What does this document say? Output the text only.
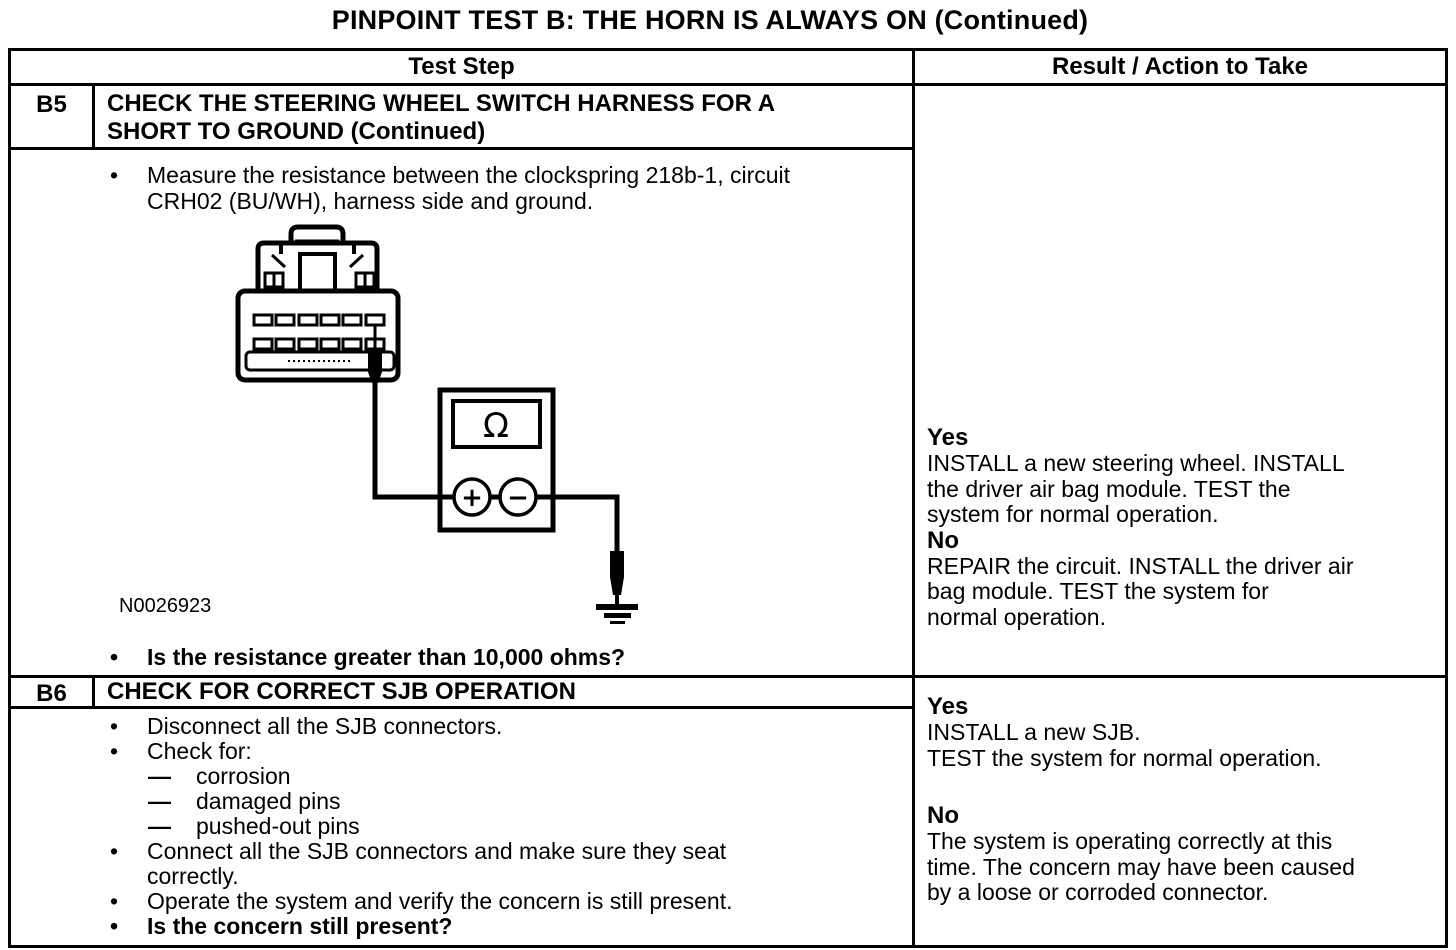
PINPOINT TEST B: THE HORN IS ALWAYS ON (Continued)
Test Step	Result / Action to Take
B5	CHECK THE STEERING WHEEL SWITCH HARNESS FOR A
SHORT TO GROUND (Continued)
•	Measure the resistance between the clockspring 218b-1, circuit
CRH02 (BU/WH), harness side and ground.
Ω
+ −
N0026923
•	Is the resistance greater than 10,000 ohms?
Yes
INSTALL a new steering wheel. INSTALL
the driver air bag module. TEST the
system for normal operation.
No
REPAIR the circuit. INSTALL the driver air
bag module. TEST the system for
normal operation.
B6	CHECK FOR CORRECT SJB OPERATION
•	Disconnect all the SJB connectors.
•	Check for:
—	corrosion
—	damaged pins
—	pushed-out pins
•	Connect all the SJB connectors and make sure they seat
correctly.
•	Operate the system and verify the concern is still present.
•	Is the concern still present?
Yes
INSTALL a new SJB.
TEST the system for normal operation.
No
The system is operating correctly at this
time. The concern may have been caused
by a loose or corroded connector.
